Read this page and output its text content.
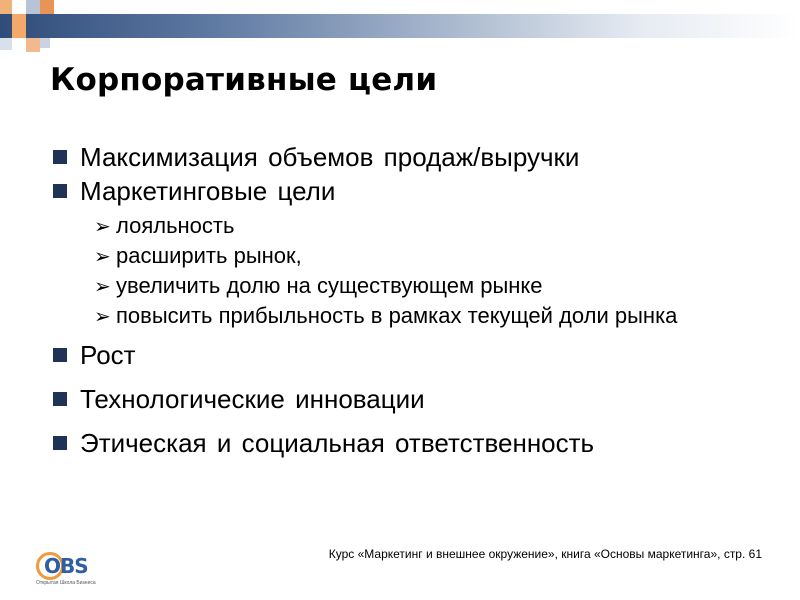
Корпоративные цели
Максимизация объемов продаж/выручки
Маркетинговые цели
➢ лояльность
➢ расширить рынок,
➢ увеличить долю на существующем рынке
➢ повысить прибыльность в рамках текущей доли рынка
Рост
Технологические инновации
Этическая и социальная ответственность
OBS
Открытая Школа Бизнеса
Курс «Маркетинг и внешнее окружение», книга «Основы маркетинга», стр. 61
